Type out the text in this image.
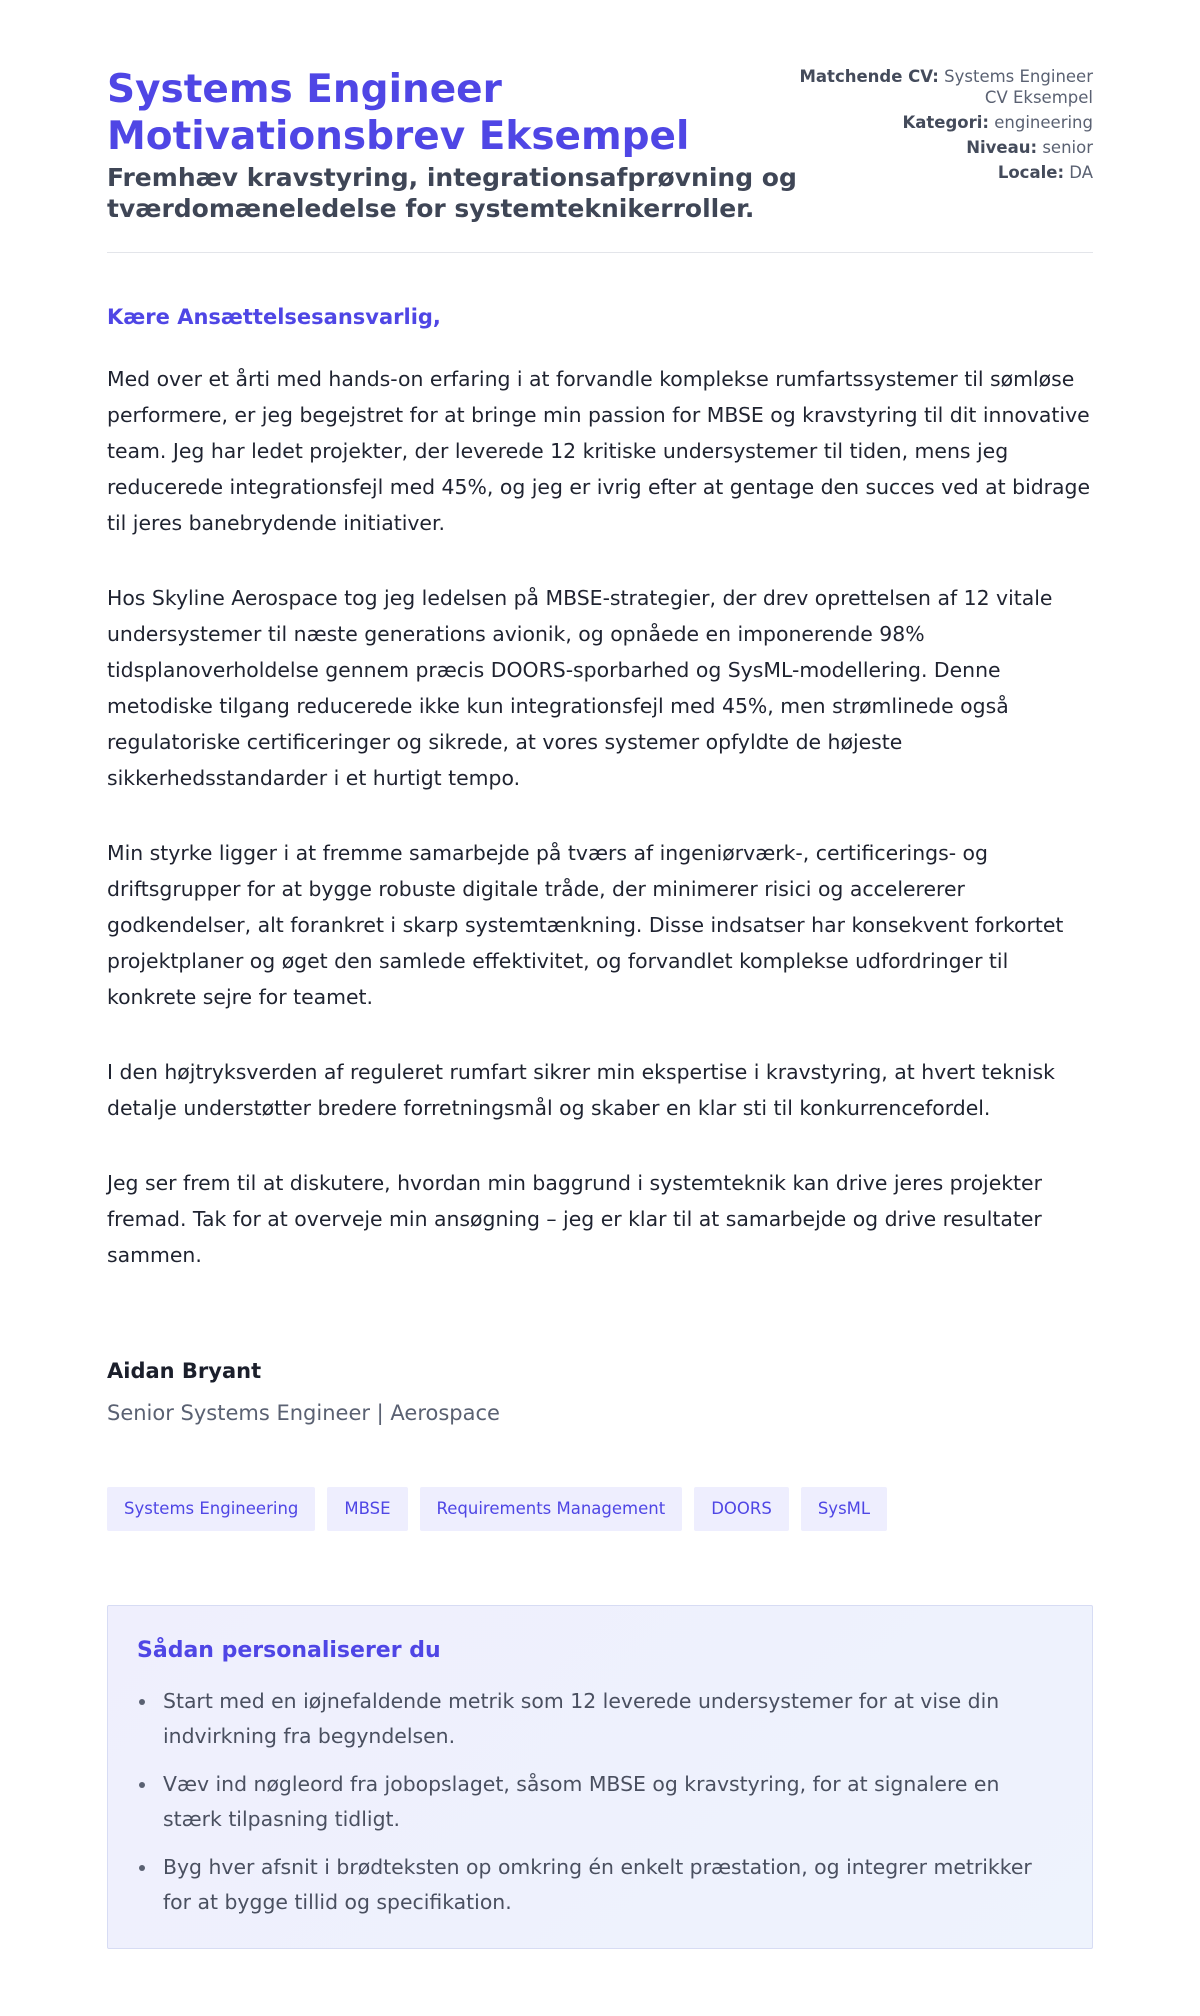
Systems Engineer Motivationsbrev Eksempel

Fremhæv kravstyring, integrationsafprøvning og tværdomæneledelse for systemteknikerroller.

Matchende CV: Systems Engineer CV Eksempel
Kategori: engineering
Niveau: senior
Locale: DA

Kære Ansættelsesansvarlig,

Med over et årti med hands-on erfaring i at forvandle komplekse rumfartssystemer til sømløse performere, er jeg begejstret for at bringe min passion for MBSE og kravstyring til dit innovative team. Jeg har ledet projekter, der leverede 12 kritiske undersystemer til tiden, mens jeg reducerede integrationsfejl med 45%, og jeg er ivrig efter at gentage den succes ved at bidrage til jeres banebrydende initiativer.

Hos Skyline Aerospace tog jeg ledelsen på MBSE-strategier, der drev oprettelsen af 12 vitale undersystemer til næste generations avionik, og opnåede en imponerende 98% tidsplanoverholdelse gennem præcis DOORS-sporbarhed og SysML-modellering. Denne metodiske tilgang reducerede ikke kun integrationsfejl med 45%, men strømlinede også regulatoriske certificeringer og sikrede, at vores systemer opfyldte de højeste sikkerhedsstandarder i et hurtigt tempo.

Min styrke ligger i at fremme samarbejde på tværs af ingeniørværk-, certificerings- og driftsgrupper for at bygge robuste digitale tråde, der minimerer risici og accelererer godkendelser, alt forankret i skarp systemtænkning. Disse indsatser har konsekvent forkortet projektplaner og øget den samlede effektivitet, og forvandlet komplekse udfordringer til konkrete sejre for teamet.

I den højtryksverden af reguleret rumfart sikrer min ekspertise i kravstyring, at hvert teknisk detalje understøtter bredere forretningsmål og skaber en klar sti til konkurrencefordel.

Jeg ser frem til at diskutere, hvordan min baggrund i systemteknik kan drive jeres projekter fremad. Tak for at overveje min ansøgning – jeg er klar til at samarbejde og drive resultater sammen.

Aidan Bryant

Senior Systems Engineer | Aerospace

Systems Engineering	MBSE	Requirements Management	DOORS	SysML
Sådan personaliserer du
Start med en iøjnefaldende metrik som 12 leverede undersystemer for at vise din indvirkning fra begyndelsen.
Væv ind nøgleord fra jobopslaget, såsom MBSE og kravstyring, for at signalere en stærk tilpasning tidligt.
Byg hver afsnit i brødteksten op omkring én enkelt præstation, og integrer metrikker for at bygge tillid og specifikation.
